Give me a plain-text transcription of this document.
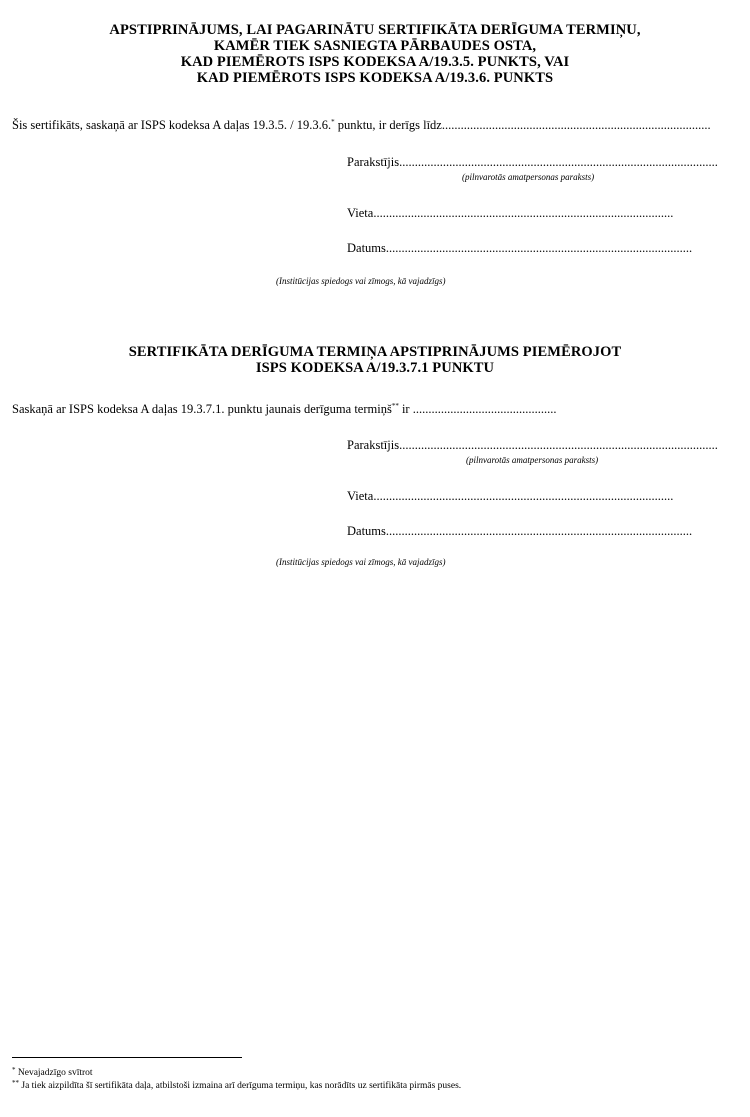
APSTIPRINĀJUMS, LAI PAGARINĀTU SERTIFIKĀTA DERĪGUMA TERMIŅU,
KAMĒR TIEK SASNIEGTA PĀRBAUDES OSTA,
KAD PIEMĒROTS ISPS KODEKSA A/19.3.5. PUNKTS, VAI
KAD PIEMĒROTS ISPS KODEKSA A/19.3.6. PUNKTS
Šis sertifikāts, saskaņā ar ISPS kodeksa A daļas 19.3.5. / 19.3.6.* punktu, ir derīgs līdz......................................................................................
Parakstījis......................................................................................................
(pilnvarotās amatpersonas paraksts)
Vieta................................................................................................
Datums..................................................................................................
(Institūcijas spiedogs vai zīmogs, kā vajadzīgs)
SERTIFIKĀTA DERĪGUMA TERMIŅA APSTIPRINĀJUMS PIEMĒROJOT
ISPS KODEKSA A/19.3.7.1 PUNKTU
Saskaņā ar ISPS kodeksa A daļas 19.3.7.1. punktu jaunais derīguma termiņš** ir ..............................................
Parakstījis......................................................................................................
(pilnvarotās amatpersonas paraksts)
Vieta................................................................................................
Datums..................................................................................................
(Institūcijas spiedogs vai zīmogs, kā vajadzīgs)
* Nevajadzīgo svītrot
** Ja tiek aizpildīta šī sertifikāta daļa, atbilstoši izmaina arī derīguma termiņu, kas norādīts uz sertifikāta pirmās puses.
